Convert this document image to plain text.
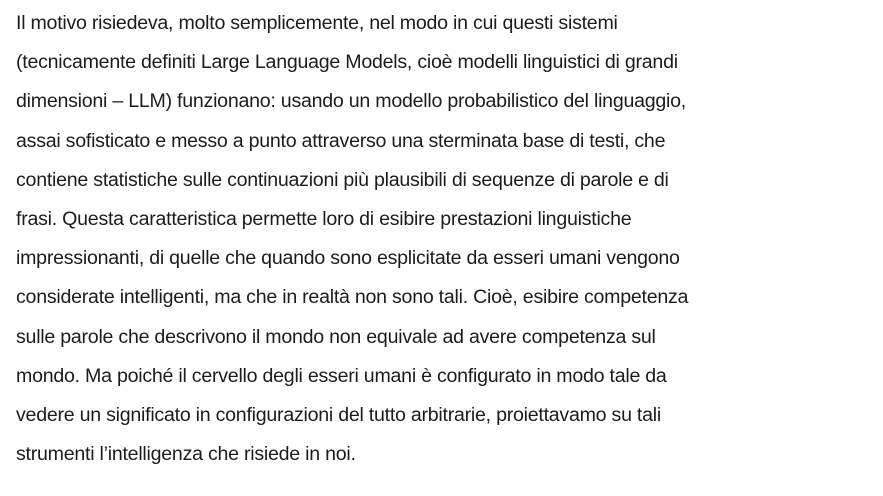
Il motivo risiedeva, molto semplicemente, nel modo in cui questi sistemi
(tecnicamente definiti Large Language Models, cioè modelli linguistici di grandi
dimensioni – LLM) funzionano: usando un modello probabilistico del linguaggio,
assai sofisticato e messo a punto attraverso una sterminata base di testi, che
contiene statistiche sulle continuazioni più plausibili di sequenze di parole e di
frasi. Questa caratteristica permette loro di esibire prestazioni linguistiche
impressionanti, di quelle che quando sono esplicitate da esseri umani vengono
considerate intelligenti, ma che in realtà non sono tali. Cioè, esibire competenza
sulle parole che descrivono il mondo non equivale ad avere competenza sul
mondo. Ma poiché il cervello degli esseri umani è configurato in modo tale da
vedere un significato in configurazioni del tutto arbitrarie, proiettavamo su tali
strumenti l’intelligenza che risiede in noi.
